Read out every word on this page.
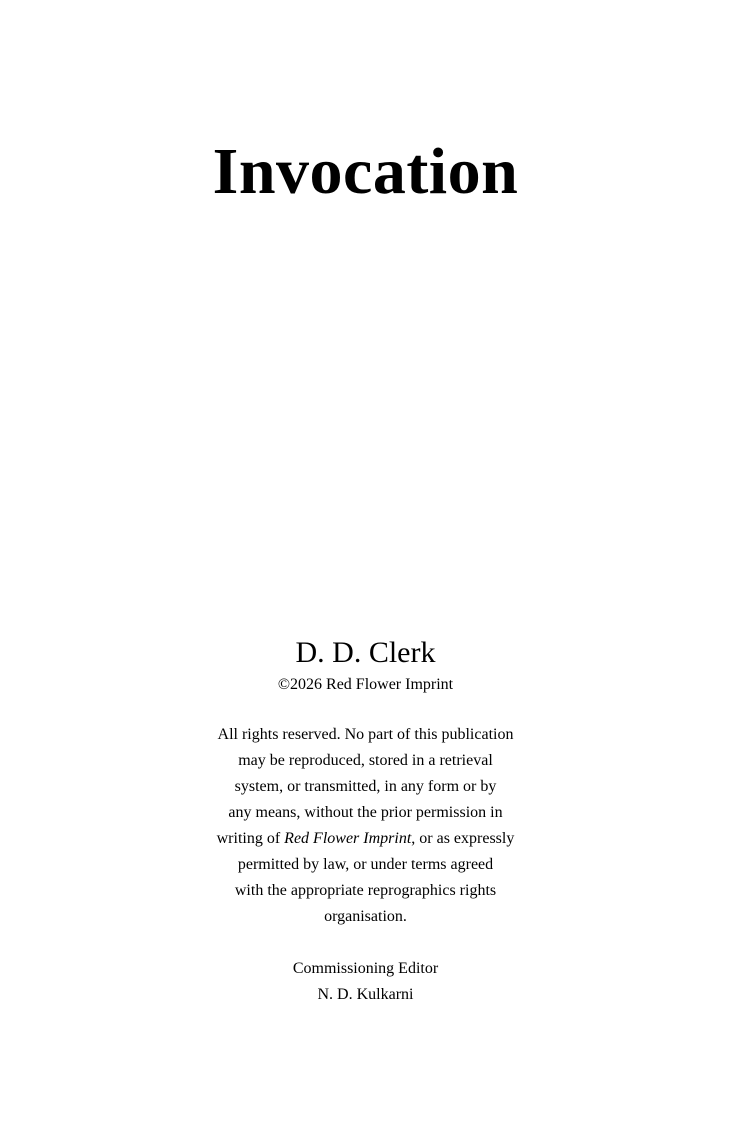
Invocation

D. D. Clerk

©2026 Red Flower Imprint

All rights reserved. No part of this publication
may be reproduced, stored in a retrieval
system, or transmitted, in any form or by
any means, without the prior permission in
writing of Red Flower Imprint, or as expressly
permitted by law, or under terms agreed
with the appropriate reprographics rights
organisation.
Commissioning Editor
N. D. Kulkarni
